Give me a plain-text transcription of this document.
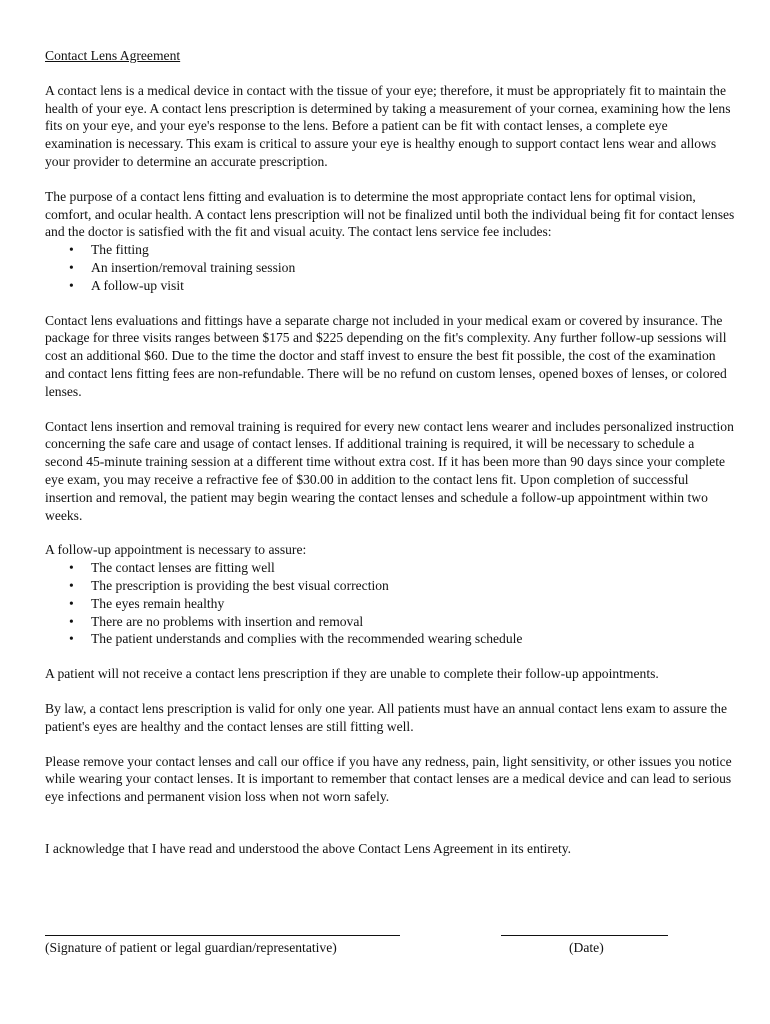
Contact Lens Agreement

A contact lens is a medical device in contact with the tissue of your eye; therefore, it must be appropriately fit to maintain the health of your eye. A contact lens prescription is determined by taking a measurement of your cornea, examining how the lens fits on your eye, and your eye's response to the lens. Before a patient can be fit with contact lenses, a complete eye examination is necessary. This exam is critical to assure your eye is healthy enough to support contact lens wear and allows your provider to determine an accurate prescription.

The purpose of a contact lens fitting and evaluation is to determine the most appropriate contact lens for optimal vision, comfort, and ocular health. A contact lens prescription will not be finalized until both the individual being fit for contact lenses and the doctor is satisfied with the fit and visual acuity. The contact lens service fee includes:

• The fitting
• An insertion/removal training session
• A follow-up visit

Contact lens evaluations and fittings have a separate charge not included in your medical exam or covered by insurance. The package for three visits ranges between $175 and $225 depending on the fit's complexity. Any further follow-up sessions will cost an additional $60. Due to the time the doctor and staff invest to ensure the best fit possible, the cost of the examination and contact lens fitting fees are non-refundable. There will be no refund on custom lenses, opened boxes of lenses, or colored lenses.

Contact lens insertion and removal training is required for every new contact lens wearer and includes personalized instruction concerning the safe care and usage of contact lenses. If additional training is required, it will be necessary to schedule a second 45-minute training session at a different time without extra cost. If it has been more than 90 days since your complete eye exam, you may receive a refractive fee of $30.00 in addition to the contact lens fit. Upon completion of successful insertion and removal, the patient may begin wearing the contact lenses and schedule a follow-up appointment within two weeks.

A follow-up appointment is necessary to assure:

• The contact lenses are fitting well
• The prescription is providing the best visual correction
• The eyes remain healthy
• There are no problems with insertion and removal
• The patient understands and complies with the recommended wearing schedule

A patient will not receive a contact lens prescription if they are unable to complete their follow-up appointments.

By law, a contact lens prescription is valid for only one year. All patients must have an annual contact lens exam to assure the patient's eyes are healthy and the contact lenses are still fitting well.

Please remove your contact lenses and call our office if you have any redness, pain, light sensitivity, or other issues you notice while wearing your contact lenses. It is important to remember that contact lenses are a medical device and can lead to serious eye infections and permanent vision loss when not worn safely.

I acknowledge that I have read and understood the above Contact Lens Agreement in its entirety.

(Signature of patient or legal guardian/representative)	(Date)
